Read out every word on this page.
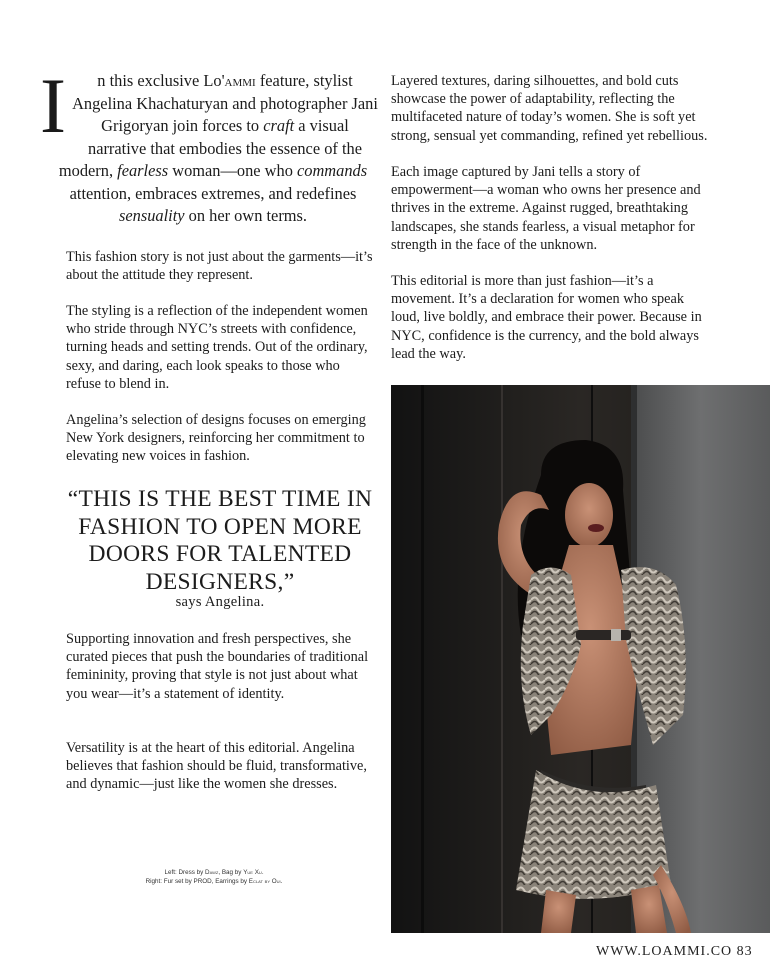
I n this exclusive Lo'ammi feature, stylist Angelina Khachaturyan and photographer Jani Grigoryan join forces to craft a visual narrative that embodies the essence of the modern, fearless woman—one who commands attention, embraces extremes, and redefines sensuality on her own terms.

This fashion story is not just about the garments—it’s about the attitude they represent.

The styling is a reflection of the independent women who stride through NYC’s streets with confidence, turning heads and setting trends. Out of the ordinary, sexy, and daring, each look speaks to those who refuse to blend in.

Angelina’s selection of designs focuses on emerging New York designers, reinforcing her commitment to elevating new voices in fashion.

“THIS IS THE BEST TIME IN FASHION TO OPEN MORE DOORS FOR TALENTED DESIGNERS,”

says Angelina.

Supporting innovation and fresh perspectives, she curated pieces that push the boundaries of traditional femininity, proving that style is not just about what you wear—it’s a statement of identity.

Versatility is at the heart of this editorial. Angelina believes that fashion should be fluid, transformative, and dynamic—just like the women she dresses.

Left: Dress by Dawz, Bag by Yue Xu.
Right: Fur set by PROD, Earrings by Eclat by Oui.

Layered textures, daring silhouettes, and bold cuts showcase the power of adaptability, reflecting the multifaceted nature of today’s women. She is soft yet strong, sensual yet commanding, refined yet rebellious.

Each image captured by Jani tells a story of empowerment—a woman who owns her presence and thrives in the extreme. Against rugged, breathtaking landscapes, she stands fearless, a visual metaphor for strength in the face of the unknown.

This editorial is more than just fashion—it’s a movement. It’s a declaration for women who speak loud, live boldly, and embrace their power. Because in NYC, confidence is the currency, and the bold always lead the way.

WWW.LOAMMI.CO 83
